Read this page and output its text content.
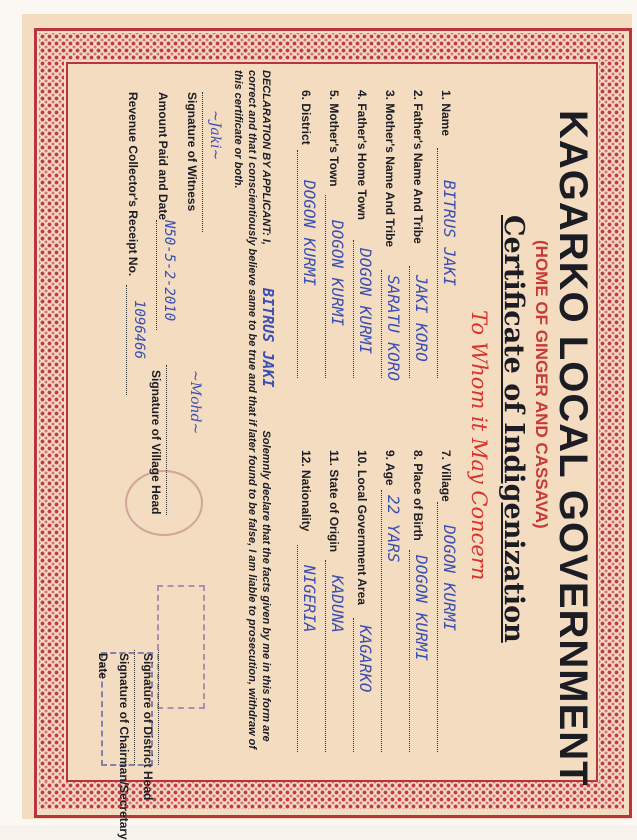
KAGARKO LOCAL GOVERNMENT
(HOME OF GINGER AND CASSAVA)
Certificate of Indigenization
To Whom it May Concern
1. Name
BITRUS JAKI
2. Father's Name And Tribe
JAKI KORO
3. Mother's Name And Tribe
SARATU KORO
4. Father's Home Town
DOGON KURMI
5. Mother's Town
DOGON KURMI
6. District
DOGON KURMI
7. Village
DOGON KURMI
8. Place of Birth
DOGON KURMI
9. Age
22 YARS
10. Local Government Area
KAGARKO
11. State of Origin
KADUNA
12. Nationality
NIGERIA
DECLARATION BY APPLICANT: I, BITRUS JAKI Solemnly declare that the facts given by me in this form are correct and that I conscientiously believe same to be true and that if later found to be false, I am liable to prosecution, withdraw of this certificate or both.
~Jaki~
Signature of Witness
Amount Paid and Date
N50-5-2-2010
Revenue Collector's Receipt No.
1096466
~Mohd~
Signature of Village Head
Signature of District Head
Signature of Chairman/Secretary
Date
